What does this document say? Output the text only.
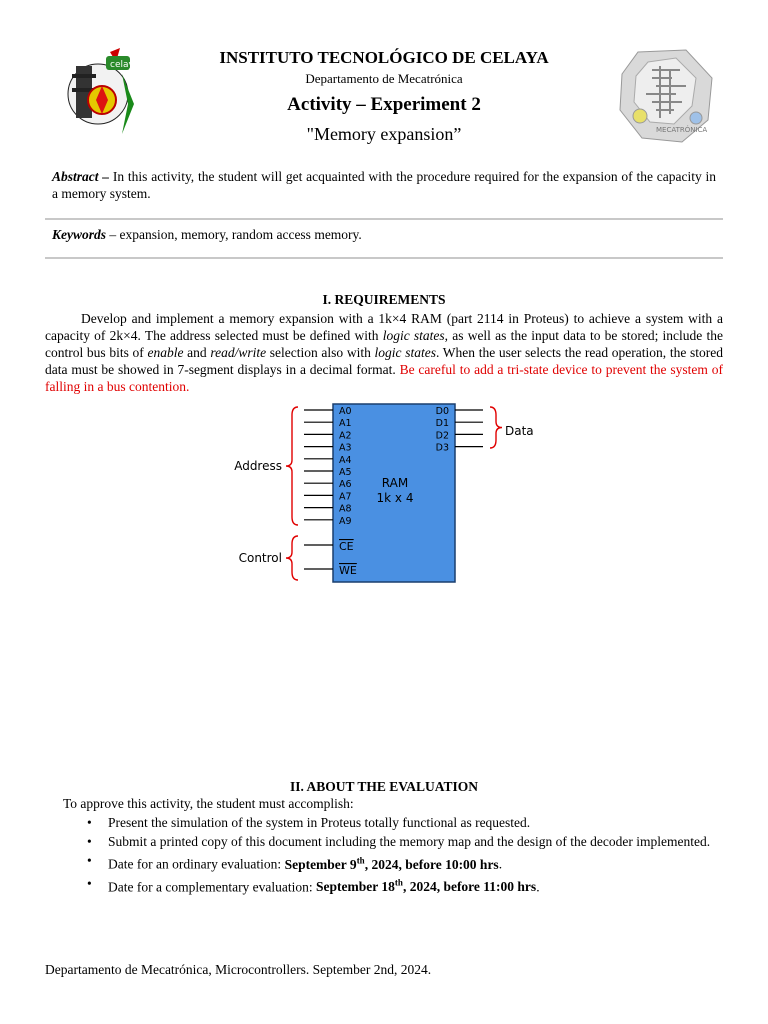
celaya
MECATRÓNICA
INSTITUTO TECNOLÓGICO DE CELAYA
Departamento de Mecatrónica
Activity – Experiment 2
"Memory expansion”
Abstract – In this activity, the student will get acquainted with the procedure required for the expansion of the capacity in a memory system.
Keywords – expansion, memory, random access memory.
I. REQUIREMENTS
Develop and implement a memory expansion with a 1k×4 RAM (part 2114 in Proteus) to achieve a system with a capacity of 2k×4. The address selected must be defined with logic states, as well as the input data to be stored; include the control bus bits of enable and read/write selection also with logic states. When the user selects the read operation, the stored data must be showed in 7-segment displays in a decimal format. Be careful to add a tri-state device to prevent the system of falling in a bus contention.
RAM
1k x 4
A0
A1
A2
A3
A4
A5
A6
A7
A8
A9
D0
D1
D2
D3
CE
WE
Address
Control
Data
II. ABOUT THE EVALUATION
To approve this activity, the student must accomplish:
• Present the simulation of the system in Proteus totally functional as requested.
• Submit a printed copy of this document including the memory map and the design of the decoder implemented.
• Date for an ordinary evaluation: September 9th, 2024, before 10:00 hrs.
• Date for a complementary evaluation: September 18th, 2024, before 11:00 hrs.
Departamento de Mecatrónica, Microcontrollers. September 2nd, 2024.
